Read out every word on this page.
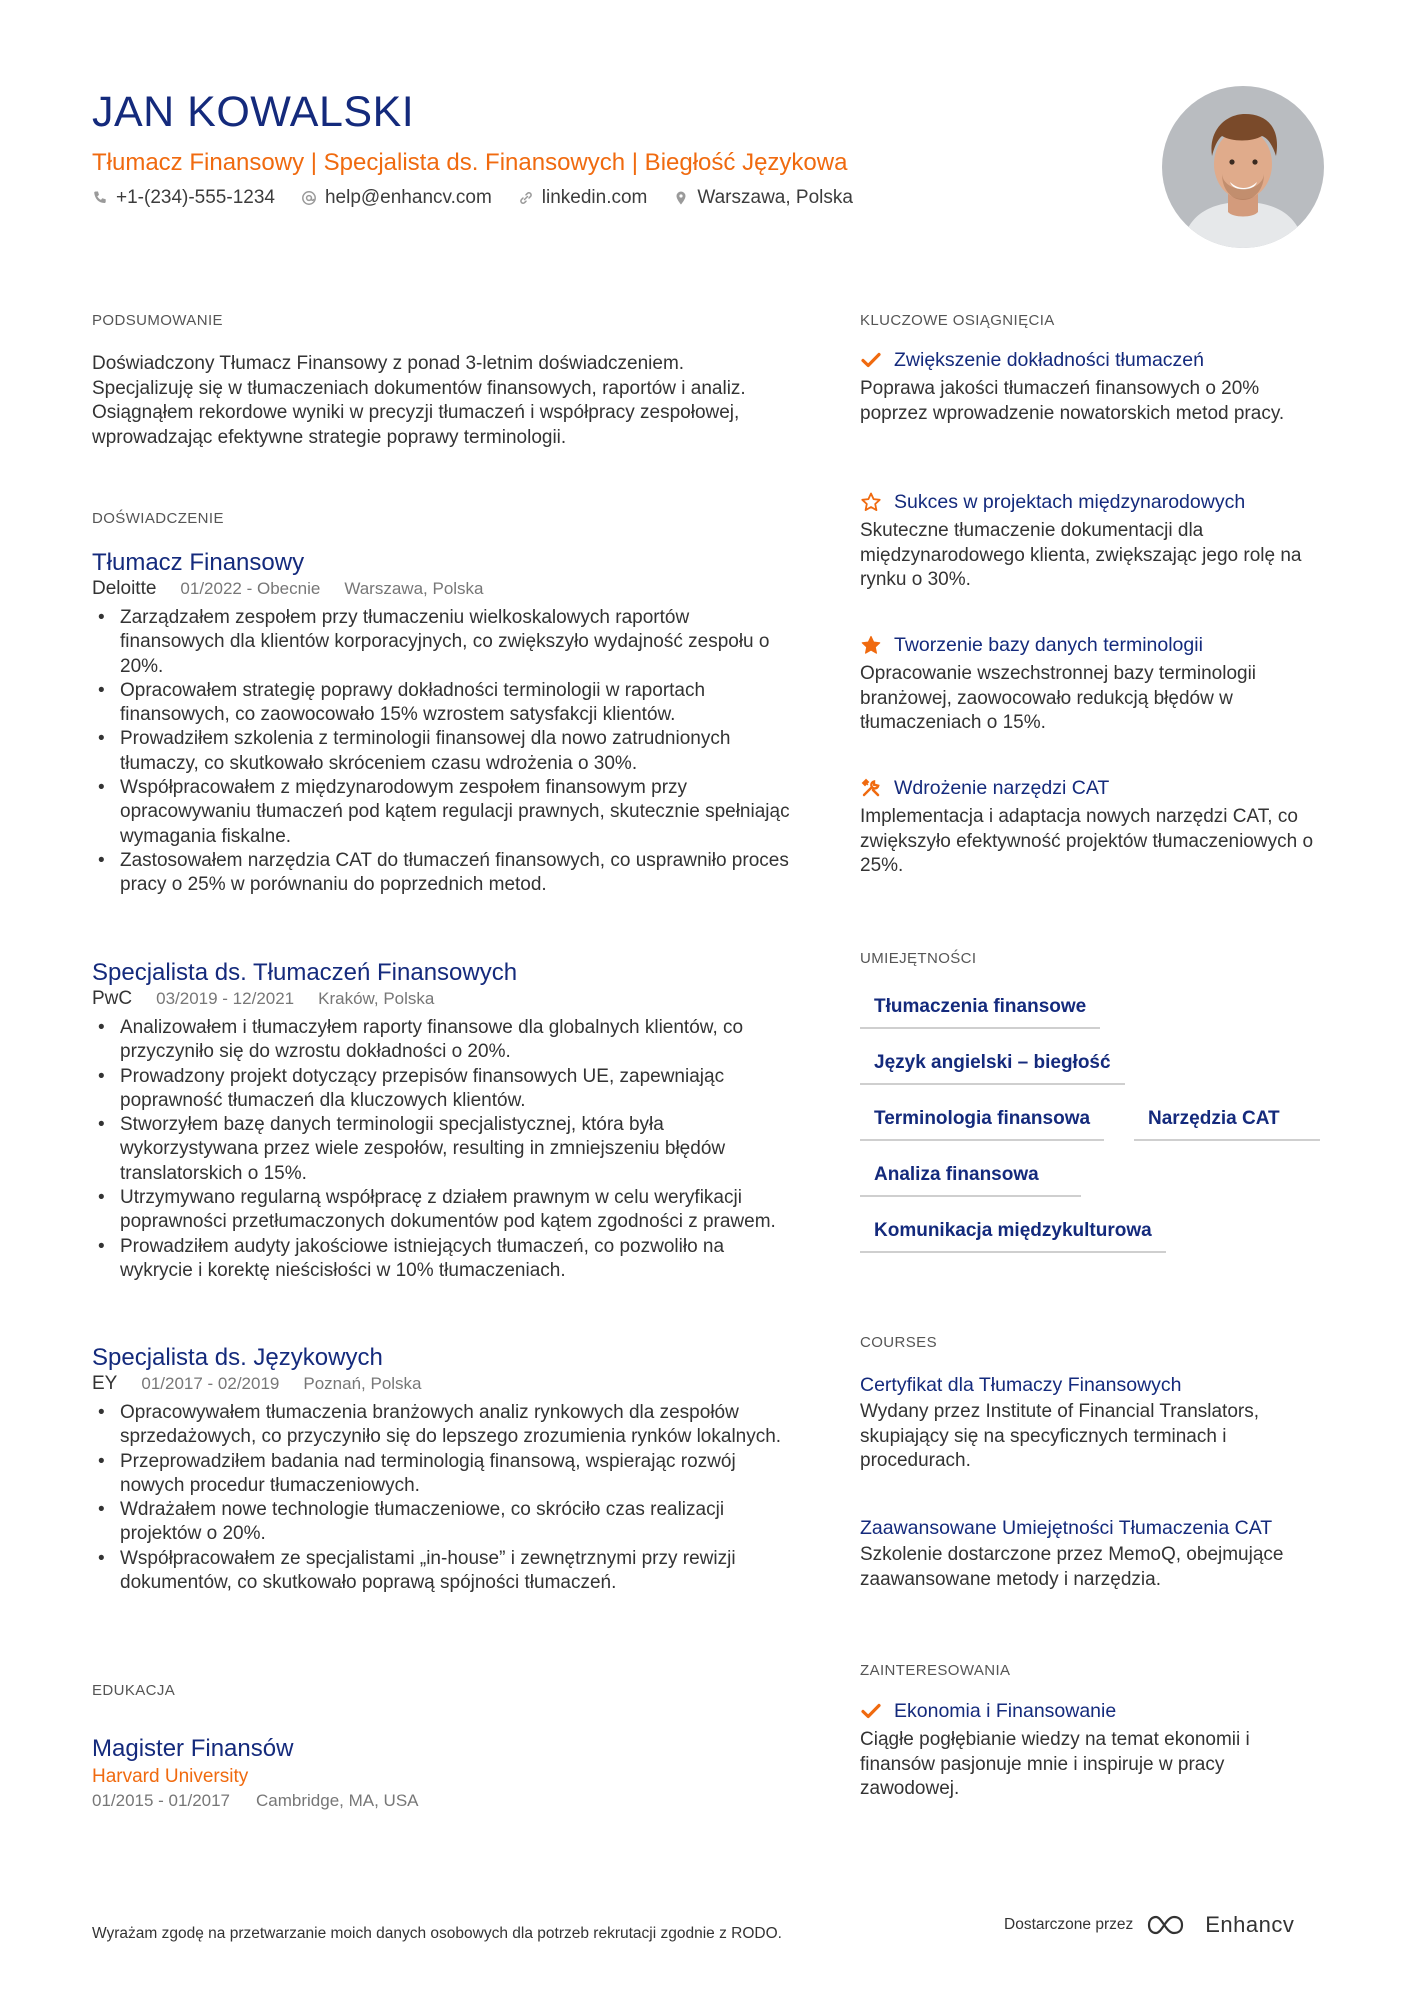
JAN KOWALSKI
Tłumacz Finansowy | Specjalista ds. Finansowych | Biegłość Językowa
+1-(234)-555-1234	help@enhancv.com	linkedin.com	Warszawa, Polska
PODSUMOWANIE
Doświadczony Tłumacz Finansowy z ponad 3-letnim doświadczeniem. Specjalizuję się w tłumaczeniach dokumentów finansowych, raportów i analiz. Osiągnąłem rekordowe wyniki w precyzji tłumaczeń i współpracy zespołowej, wprowadzając efektywne strategie poprawy terminologii.
DOŚWIADCZENIE
Tłumacz Finansowy
Deloitte 01/2022 - Obecnie Warszawa, Polska
• Zarządzałem zespołem przy tłumaczeniu wielkoskalowych raportów finansowych dla klientów korporacyjnych, co zwiększyło wydajność zespołu o 20%.
• Opracowałem strategię poprawy dokładności terminologii w raportach finansowych, co zaowocowało 15% wzrostem satysfakcji klientów.
• Prowadziłem szkolenia z terminologii finansowej dla nowo zatrudnionych tłumaczy, co skutkowało skróceniem czasu wdrożenia o 30%.
• Współpracowałem z międzynarodowym zespołem finansowym przy opracowywaniu tłumaczeń pod kątem regulacji prawnych, skutecznie spełniając wymagania fiskalne.
• Zastosowałem narzędzia CAT do tłumaczeń finansowych, co usprawniło proces pracy o 25% w porównaniu do poprzednich metod.
Specjalista ds. Tłumaczeń Finansowych
PwC 03/2019 - 12/2021 Kraków, Polska
• Analizowałem i tłumaczyłem raporty finansowe dla globalnych klientów, co przyczyniło się do wzrostu dokładności o 20%.
• Prowadzony projekt dotyczący przepisów finansowych UE, zapewniając poprawność tłumaczeń dla kluczowych klientów.
• Stworzyłem bazę danych terminologii specjalistycznej, która była wykorzystywana przez wiele zespołów, resulting in zmniejszeniu błędów translatorskich o 15%.
• Utrzymywano regularną współpracę z działem prawnym w celu weryfikacji poprawności przetłumaczonych dokumentów pod kątem zgodności z prawem.
• Prowadziłem audyty jakościowe istniejących tłumaczeń, co pozwoliło na wykrycie i korektę nieścisłości w 10% tłumaczeniach.
Specjalista ds. Językowych
EY 01/2017 - 02/2019 Poznań, Polska
• Opracowywałem tłumaczenia branżowych analiz rynkowych dla zespołów sprzedażowych, co przyczyniło się do lepszego zrozumienia rynków lokalnych.
• Przeprowadziłem badania nad terminologią finansową, wspierając rozwój nowych procedur tłumaczeniowych.
• Wdrażałem nowe technologie tłumaczeniowe, co skróciło czas realizacji projektów o 20%.
• Współpracowałem ze specjalistami „in-house” i zewnętrznymi przy rewizji dokumentów, co skutkowało poprawą spójności tłumaczeń.
EDUKACJA
Magister Finansów
Harvard University
01/2015 - 01/2017 Cambridge, MA, USA
KLUCZOWE OSIĄGNIĘCIA
Zwiększenie dokładności tłumaczeń
Poprawa jakości tłumaczeń finansowych o 20% poprzez wprowadzenie nowatorskich metod pracy.
Sukces w projektach międzynarodowych
Skuteczne tłumaczenie dokumentacji dla międzynarodowego klienta, zwiększając jego rolę na rynku o 30%.
Tworzenie bazy danych terminologii
Opracowanie wszechstronnej bazy terminologii branżowej, zaowocowało redukcją błędów w tłumaczeniach o 15%.
Wdrożenie narzędzi CAT
Implementacja i adaptacja nowych narzędzi CAT, co zwiększyło efektywność projektów tłumaczeniowych o 25%.
UMIEJĘTNOŚCI
Tłumaczenia finansowe
Język angielski – biegłość
Terminologia finansowa	Narzędzia CAT
Analiza finansowa
Komunikacja międzykulturowa
COURSES
Certyfikat dla Tłumaczy Finansowych
Wydany przez Institute of Financial Translators, skupiający się na specyficznych terminach i procedurach.
Zaawansowane Umiejętności Tłumaczenia CAT
Szkolenie dostarczone przez MemoQ, obejmujące zaawansowane metody i narzędzia.
ZAINTERESOWANIA
Ekonomia i Finansowanie
Ciągłe pogłębianie wiedzy na temat ekonomii i finansów pasjonuje mnie i inspiruje w pracy zawodowej.
Wyrażam zgodę na przetwarzanie moich danych osobowych dla potrzeb rekrutacji zgodnie z RODO.
Dostarczone przez	Enhancv
